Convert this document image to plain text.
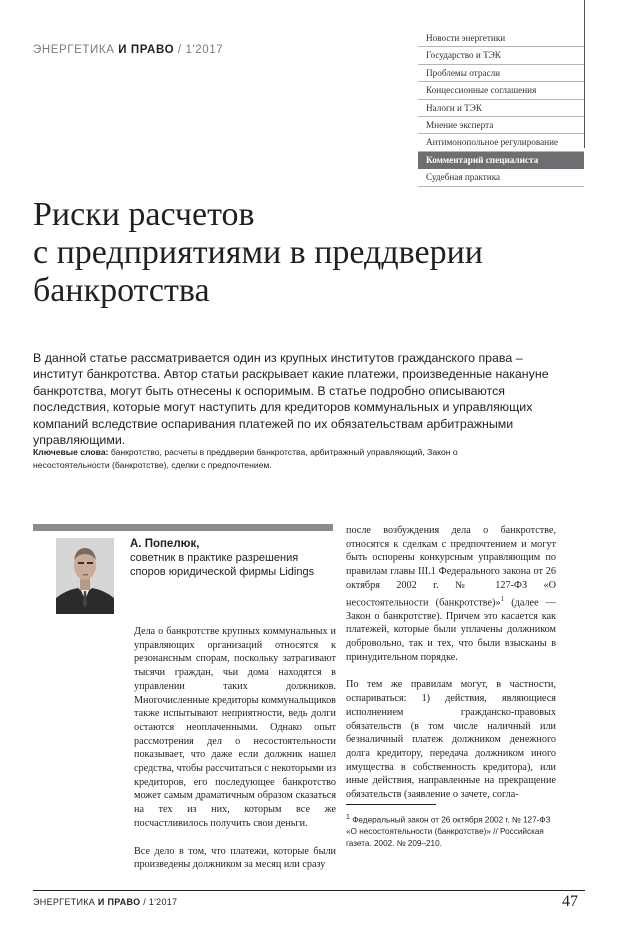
ЭНЕРГЕТИКА И ПРАВО / 1'2017
Новости энергетики
Государство и ТЭК
Проблемы отрасли
Концессионные соглашения
Налоги и ТЭК
Мнение эксперта
Антимонопольное регулирование
Комментарий специалиста
Судебная практика
Риски расчетов
с предприятиями в преддверии
банкротства
В данной статье рассматривается один из крупных институтов гражданского права – институт банкротства. Автор статьи раскрывает какие платежи, произведенные накануне банкротства, могут быть отнесены к оспоримым. В статье подробно описываются последствия, которые могут наступить для кредиторов коммунальных и управляющих компаний вследствие оспаривания платежей по их обязательствам арбитражными управляющими.
Ключевые слова: банкротство, расчеты в преддверии банкротства, арбитражный управляющий, Закон о несостоятельности (банкротстве), сделки с предпочтением.
А. Попелюк,
советник в практике разрешения споров юридической фирмы Lidings

Дела о банкротстве крупных коммунальных и управляющих организаций относятся к резонансным спорам, поскольку затрагивают тысячи граждан, чьи дома находятся в управлении таких должников. Многочисленные кредиторы коммунальщиков также испытывают неприятности, ведь долги остаются неоплаченными. Однако опыт рассмотрения дел о несостоятельности показывает, что даже если должник нашел средства, чтобы рассчитаться с некоторыми из кредиторов, его последующее банкротство может самым драматичным образом сказаться на тех из них, которым все же посчастливилось получить свои деньги.

Все дело в том, что платежи, которые были произведены должником за месяц или сразу

после возбуждения дела о банкротстве, относятся к сделкам с предпочтением и могут быть оспорены конкурсным управляющим по правилам главы III.1 Федерального закона от 26 октября 2002 г. № 127-ФЗ «О несостоятельности (банкротстве)»$^1$ (далее — Закон о банкротстве). Причем это касается как платежей, которые были уплачены должником добровольно, так и тех, что были взысканы в принудительном порядке.

По тем же правилам могут, в частности, оспариваться: 1) действия, являющиеся исполнением гражданско-правовых обязательств (в том числе наличный или безналичный платеж должником денежного долга кредитору, передача должником иного имущества в собственность кредитора), или иные действия, направленные на прекращение обязательств (заявление о зачете, согла-

$^1$ Федеральный закон от 26 октября 2002 г. № 127-ФЗ «О несостоятельности (банкротстве)» // Российская газета. 2002. № 209–210.
ЭНЕРГЕТИКА И ПРАВО / 1'2017	47
